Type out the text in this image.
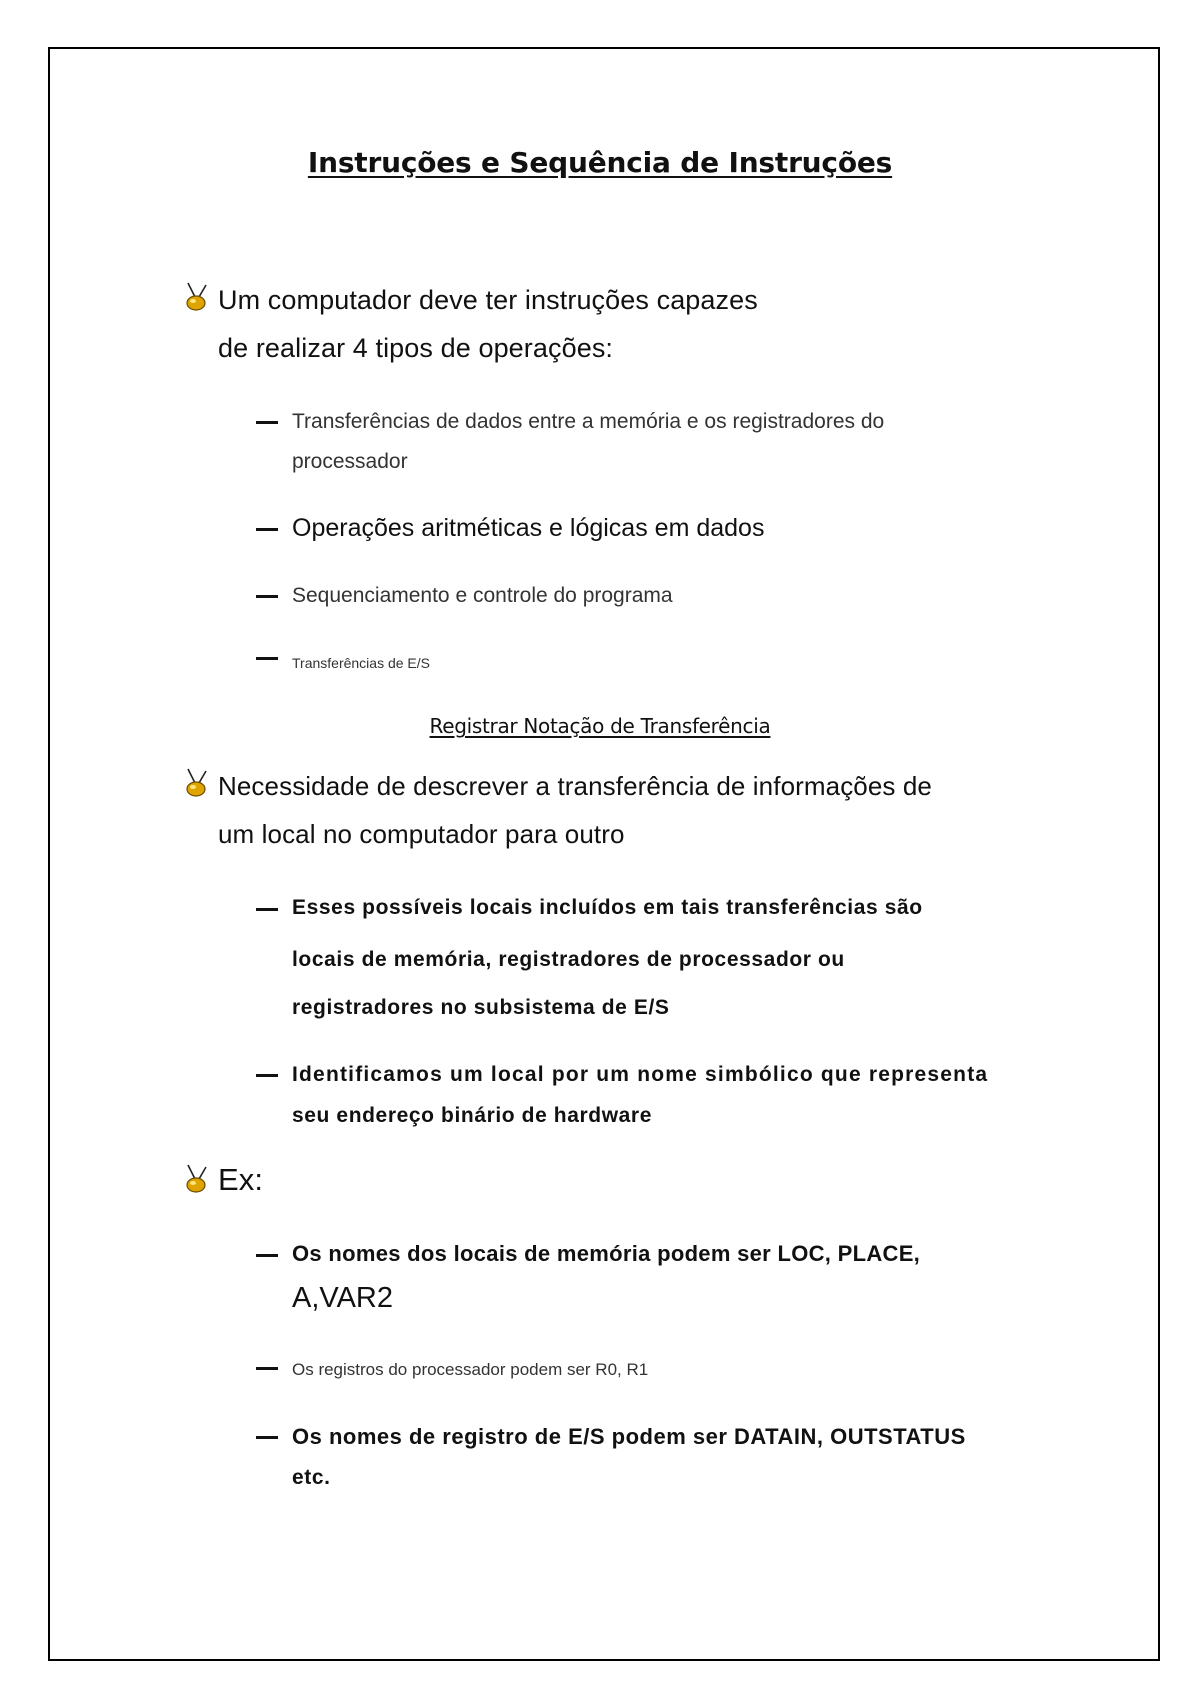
Instruções e Sequência de Instruções
Um computador deve ter instruções capazes
de realizar 4 tipos de operações:
Transferências de dados entre a memória e os registradores do
processador
Operações aritméticas e lógicas em dados
Sequenciamento e controle do programa
Transferências de E/S
Registrar Notação de Transferência
Necessidade de descrever a transferência de informações de
um local no computador para outro
Esses possíveis locais incluídos em tais transferências são
locais de memória, registradores de processador ou
registradores no subsistema de E/S
Identificamos um local por um nome simbólico que representa
seu endereço binário de hardware
Ex:
Os nomes dos locais de memória podem ser LOC, PLACE,
A,VAR2
Os registros do processador podem ser R0, R1
Os nomes de registro de E/S podem ser DATAIN, OUTSTATUS
etc.
